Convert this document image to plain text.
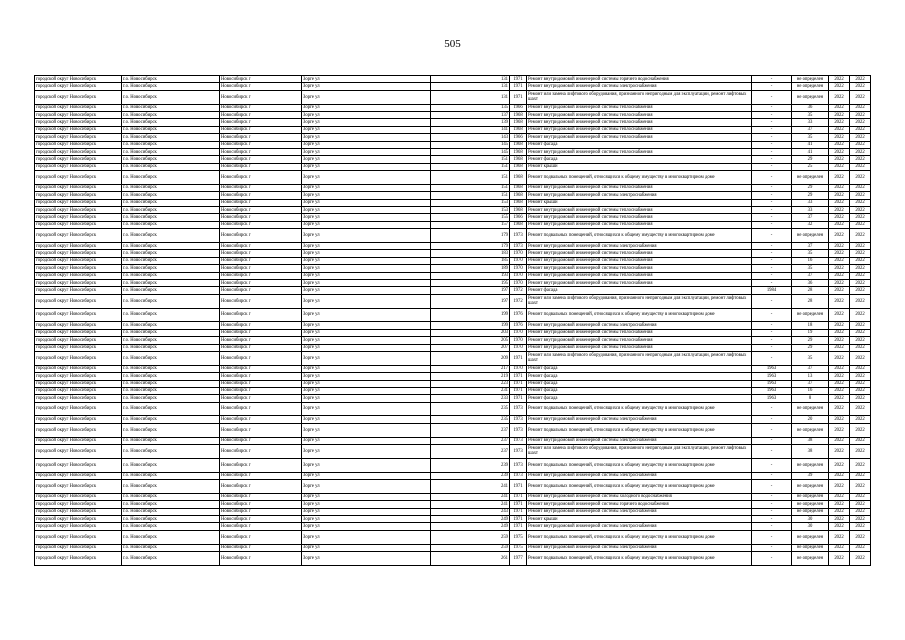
505
городской округ Новосибирск	г.о. Новосибирск	Новосибирск г	Зорге ул	131	1971	Ремонт внутридомовой инженерной системы горячего водоснабжения	-	не определен	2022	2022
городской округ Новосибирск	г.о. Новосибирск	Новосибирск г	Зорге ул	131	1971	Ремонт внутридомовой инженерной системы электроснабжения	-	не определен	2022	2022
городской округ Новосибирск	г.о. Новосибирск	Новосибирск г	Зорге ул	131	1971	Ремонт или замена лифтового оборудования, признанного непригодным для эксплуатации, ремонт лифтовых шахт	-	не определен	2022	2022
городской округ Новосибирск	г.о. Новосибирск	Новосибирск г	Зорге ул	135	1966	Ремонт внутридомовой инженерной системы теплоснабжения	-	36	2022	2022
городской округ Новосибирск	г.о. Новосибирск	Новосибирск г	Зорге ул	137	1968	Ремонт внутридомовой инженерной системы теплоснабжения	-	35	2022	2022
городской округ Новосибирск	г.о. Новосибирск	Новосибирск г	Зорге ул	139	1968	Ремонт внутридомовой инженерной системы теплоснабжения	-	33	2022	2022
городской округ Новосибирск	г.о. Новосибирск	Новосибирск г	Зорге ул	141	1968	Ремонт внутридомовой инженерной системы теплоснабжения	-	37	2022	2022
городской округ Новосибирск	г.о. Новосибирск	Новосибирск г	Зорге ул	143	1966	Ремонт внутридомовой инженерной системы теплоснабжения	-	35	2022	2022
городской округ Новосибирск	г.о. Новосибирск	Новосибирск г	Зорге ул	145	1968	Ремонт фасада	-	41	2022	2022
городской округ Новосибирск	г.о. Новосибирск	Новосибирск г	Зорге ул	145	1968	Ремонт внутридомовой инженерной системы теплоснабжения	-	41	2022	2022
городской округ Новосибирск	г.о. Новосибирск	Новосибирск г	Зорге ул	151	1968	Ремонт фасада	-	29	2022	2022
городской округ Новосибирск	г.о. Новосибирск	Новосибирск г	Зорге ул	151	1968	Ремонт крыши	-	25	2022	2022
городской округ Новосибирск	г.о. Новосибирск	Новосибирск г	Зорге ул	151	1968	Ремонт подвальных помещений, относящихся к общему имуществу в многоквартирном доме	-	не определен	2022	2022
городской округ Новосибирск	г.о. Новосибирск	Новосибирск г	Зорге ул	151	1968	Ремонт внутридомовой инженерной системы теплоснабжения	-	29	2022	2022
городской округ Новосибирск	г.о. Новосибирск	Новосибирск г	Зорге ул	151	1968	Ремонт внутридомовой инженерной системы электроснабжения	-	29	2022	2022
городской округ Новосибирск	г.о. Новосибирск	Новосибирск г	Зорге ул	153	1968	Ремонт крыши	-	33	2022	2022
городской округ Новосибирск	г.о. Новосибирск	Новосибирск г	Зорге ул	153	1968	Ремонт внутридомовой инженерной системы теплоснабжения	-	33	2022	2022
городской округ Новосибирск	г.о. Новосибирск	Новосибирск г	Зорге ул	155	1966	Ремонт внутридомовой инженерной системы теплоснабжения	-	37	2022	2022
городской округ Новосибирск	г.о. Новосибирск	Новосибирск г	Зорге ул	157	1968	Ремонт внутридомовой инженерной системы теплоснабжения	-	32	2022	2022
городской округ Новосибирск	г.о. Новосибирск	Новосибирск г	Зорге ул	179	1973	Ремонт подвальных помещений, относящихся к общему имуществу в многоквартирном доме	-	не определен	2022	2022
городской округ Новосибирск	г.о. Новосибирск	Новосибирск г	Зорге ул	179	1973	Ремонт внутридомовой инженерной системы электроснабжения	-	37	2022	2022
городской округ Новосибирск	г.о. Новосибирск	Новосибирск г	Зорге ул	183	1970	Ремонт внутридомовой инженерной системы теплоснабжения	-	35	2022	2022
городской округ Новосибирск	г.о. Новосибирск	Новосибирск г	Зорге ул	185	1970	Ремонт внутридомовой инженерной системы теплоснабжения	-	16	2022	2022
городской округ Новосибирск	г.о. Новосибирск	Новосибирск г	Зорге ул	189	1970	Ремонт внутридомовой инженерной системы теплоснабжения	-	35	2022	2022
городской округ Новосибирск	г.о. Новосибирск	Новосибирск г	Зорге ул	193	1970	Ремонт внутридомовой инженерной системы теплоснабжения	-	37	2022	2022
городской округ Новосибирск	г.о. Новосибирск	Новосибирск г	Зорге ул	195	1970	Ремонт внутридомовой инженерной системы теплоснабжения	-	36	2022	2022
городской округ Новосибирск	г.о. Новосибирск	Новосибирск г	Зорге ул	197	1972	Ремонт фасада	1984	28	2022	2022
городской округ Новосибирск	г.о. Новосибирск	Новосибирск г	Зорге ул	197	1972	Ремонт или замена лифтового оборудования, признанного непригодным для эксплуатации, ремонт лифтовых шахт	-	28	2022	2022
городской округ Новосибирск	г.о. Новосибирск	Новосибирск г	Зорге ул	199	1976	Ремонт подвальных помещений, относящихся к общему имуществу в многоквартирном доме	-	не определен	2022	2022
городской округ Новосибирск	г.о. Новосибирск	Новосибирск г	Зорге ул	199	1976	Ремонт внутридомовой инженерной системы электроснабжения	-	18	2022	2022
городской округ Новосибирск	г.о. Новосибирск	Новосибирск г	Зорге ул	203	1970	Ремонт внутридомовой инженерной системы теплоснабжения	-	19	2022	2022
городской округ Новосибирск	г.о. Новосибирск	Новосибирск г	Зорге ул	205	1970	Ремонт внутридомовой инженерной системы теплоснабжения	-	29	2022	2022
городской округ Новосибирск	г.о. Новосибирск	Новосибирск г	Зорге ул	207	1970	Ремонт внутридомовой инженерной системы теплоснабжения	-	29	2022	2022
городской округ Новосибирск	г.о. Новосибирск	Новосибирск г	Зорге ул	209	1971	Ремонт или замена лифтового оборудования, признанного непригодным для эксплуатации, ремонт лифтовых шахт	-	35	2022	2022
городской округ Новосибирск	г.о. Новосибирск	Новосибирск г	Зорге ул	217	1970	Ремонт фасада	1963	37	2022	2022
городской округ Новосибирск	г.о. Новосибирск	Новосибирск г	Зорге ул	219	1971	Ремонт фасада	1963	13	2022	2022
городской округ Новосибирск	г.о. Новосибирск	Новосибирск г	Зорге ул	223	1971	Ремонт фасада	1963	37	2022	2022
городской округ Новосибирск	г.о. Новосибирск	Новосибирск г	Зорге ул	231	1971	Ремонт фасада	1963	16	2022	2022
городской округ Новосибирск	г.о. Новосибирск	Новосибирск г	Зорге ул	233	1971	Ремонт фасада	1963	8	2022	2022
городской округ Новосибирск	г.о. Новосибирск	Новосибирск г	Зорге ул	235	1973	Ремонт подвальных помещений, относящихся к общему имуществу в многоквартирном доме	-	не определен	2022	2022
городской округ Новосибирск	г.о. Новосибирск	Новосибирск г	Зорге ул	235	1973	Ремонт внутридомовой инженерной системы электроснабжения	-	20	2022	2022
городской округ Новосибирск	г.о. Новосибирск	Новосибирск г	Зорге ул	237	1973	Ремонт подвальных помещений, относящихся к общему имуществу в многоквартирном доме	-	не определен	2022	2022
городской округ Новосибирск	г.о. Новосибирск	Новосибирск г	Зорге ул	237	1973	Ремонт внутридомовой инженерной системы электроснабжения	-	38	2022	2022
городской округ Новосибирск	г.о. Новосибирск	Новосибирск г	Зорге ул	237	1973	Ремонт или замена лифтового оборудования, признанного непригодным для эксплуатации, ремонт лифтовых шахт	-	38	2022	2022
городской округ Новосибирск	г.о. Новосибирск	Новосибирск г	Зорге ул	239	1973	Ремонт подвальных помещений, относящихся к общему имуществу в многоквартирном доме	-	не определен	2022	2022
городской округ Новосибирск	г.о. Новосибирск	Новосибирск г	Зорге ул	239	1973	Ремонт внутридомовой инженерной системы электроснабжения	-	39	2022	2022
городской округ Новосибирск	г.о. Новосибирск	Новосибирск г	Зорге ул	241	1971	Ремонт подвальных помещений, относящихся к общему имуществу в многоквартирном доме	-	не определен	2022	2022
городской округ Новосибирск	г.о. Новосибирск	Новосибирск г	Зорге ул	241	1971	Ремонт внутридомовой инженерной системы холодного водоснабжения	-	не определен	2022	2022
городской округ Новосибирск	г.о. Новосибирск	Новосибирск г	Зорге ул	241	1971	Ремонт внутридомовой инженерной системы горячего водоснабжения	-	не определен	2022	2022
городской округ Новосибирск	г.о. Новосибирск	Новосибирск г	Зорге ул	243	1971	Ремонт внутридомовой инженерной системы электроснабжения	-	не определен	2022	2022
городской округ Новосибирск	г.о. Новосибирск	Новосибирск г	Зорге ул	249	1971	Ремонт крыши	-	30	2022	2022
городской округ Новосибирск	г.о. Новосибирск	Новосибирск г	Зорге ул	249	1971	Ремонт внутридомовой инженерной системы электроснабжения	-	30	2022	2022
городской округ Новосибирск	г.о. Новосибирск	Новосибирск г	Зорге ул	259	1975	Ремонт подвальных помещений, относящихся к общему имуществу в многоквартирном доме	-	не определен	2022	2022
городской округ Новосибирск	г.о. Новосибирск	Новосибирск г	Зорге ул	259	1975	Ремонт внутридомовой инженерной системы электроснабжения	-	не определен	2022	2022
городской округ Новосибирск	г.о. Новосибирск	Новосибирск г	Зорге ул	261	1977	Ремонт подвальных помещений, относящихся к общему имуществу в многоквартирном доме	-	не определен	2022	2022
